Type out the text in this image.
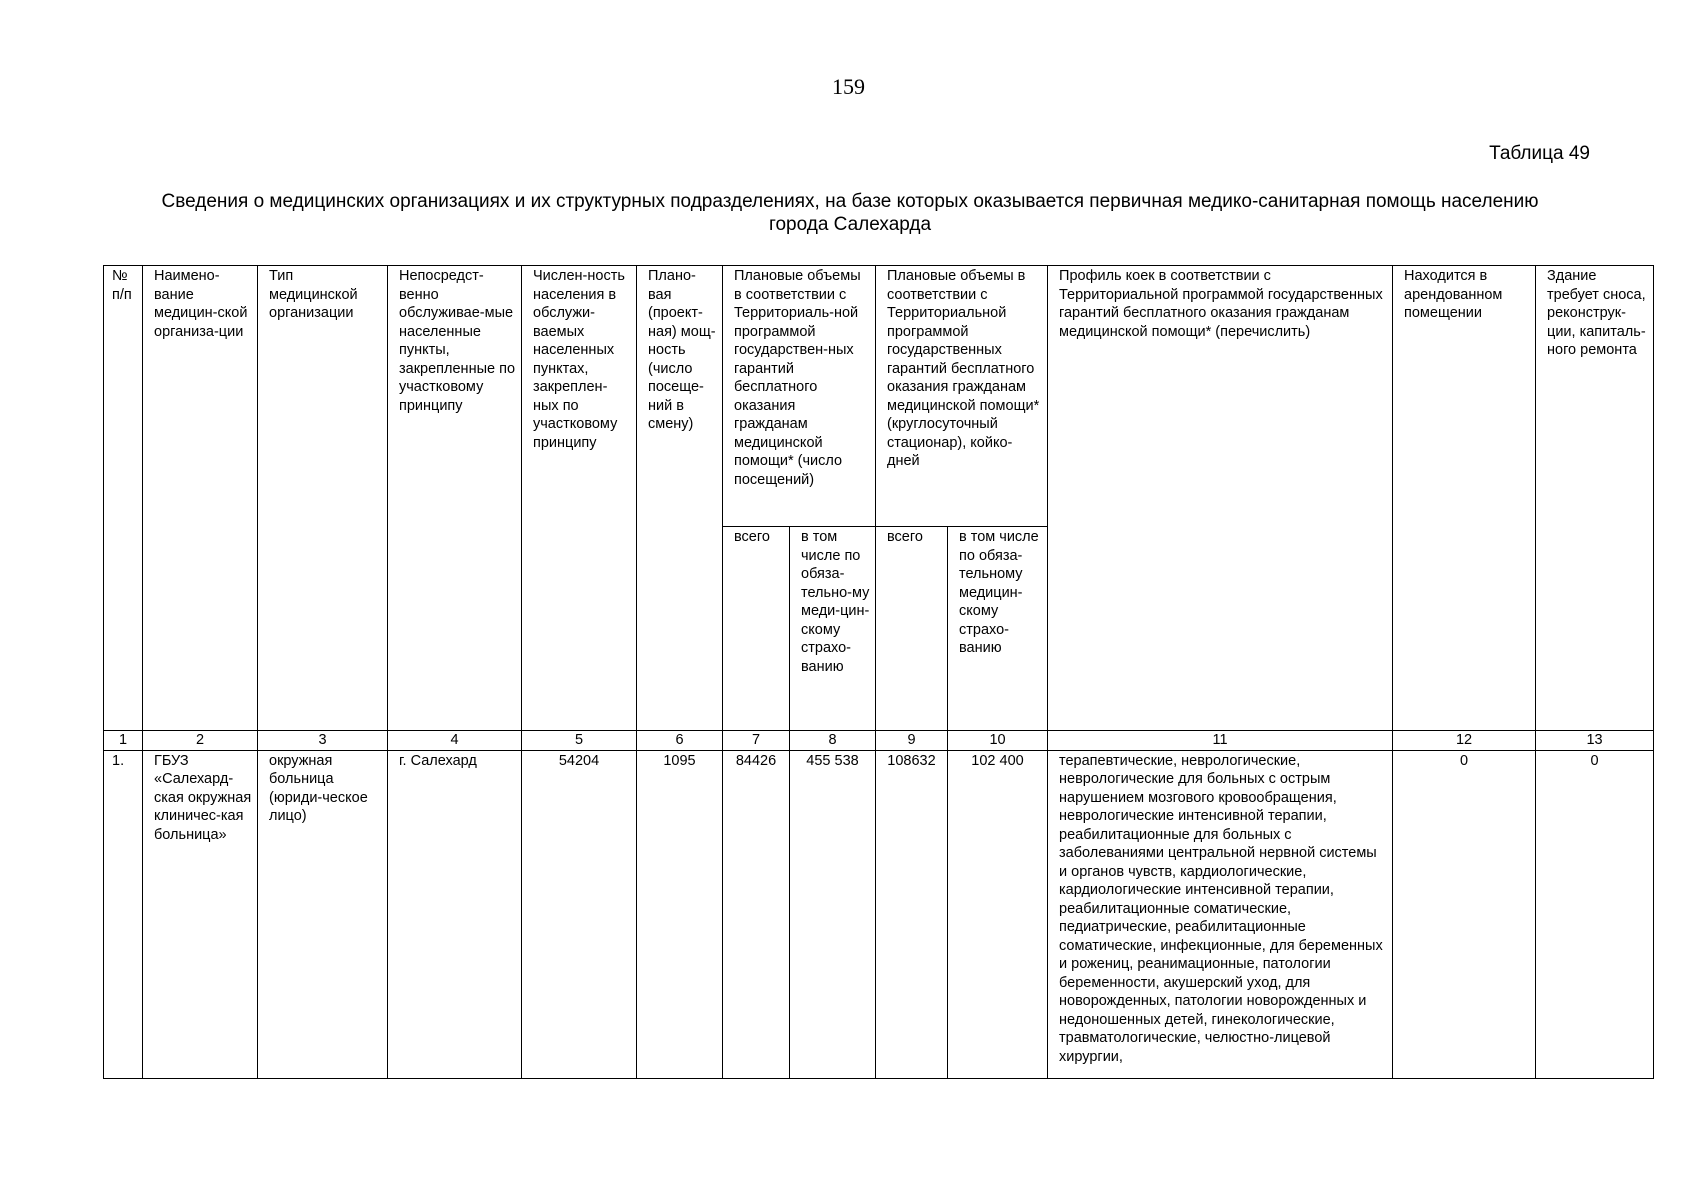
159
Таблица 49
Сведения о медицинских организациях и их структурных подразделениях, на базе которых оказывается первичная медико-санитарная помощь населению
города Салехарда
№ п/п	Наимено-вание медицин-ской организа-ции	Тип медицинской организации	Непосредст-венно обслуживае-мые населенные пункты, закрепленные по участковому принципу	Числен-ность населения в обслужи-ваемых населенных пунктах, закреплен-ных по участковому принципу	Плано-вая (проект-ная) мощ-ность (число посеще-ний в смену)	Плановые объемы в соответствии с Территориаль-ной программой государствен-ных гарантий бесплатного оказания гражданам медицинской помощи* (число посещений)		Плановые объемы в соответствии с Территориальной программой государственных гарантий бесплатного оказания гражданам медицинской помощи* (круглосуточный стационар), койко-дней		Профиль коек в соответствии с Территориальной программой государственных гарантий бесплатного оказания гражданам медицинской помощи* (перечислить)	Находится в арендованном помещении	Здание требует сноса, реконструк-ции, капиталь-ного ремонта
						всего	в том числе по обяза-тельно-му меди-цин-скому страхо-ванию	всего	в том числе по обяза-тельному медицин-скому страхо-ванию			
1	2	3	4	5	6	7	8	9	10	11	12	13
1.	ГБУЗ «Салехард-ская окружная клиничес-кая больница»	окружная больница (юриди-ческое лицо)	г. Салехард	54204	1095	84426	455 538	108632	102 400	терапевтические, неврологические, неврологические для больных с острым нарушением мозгового кровообращения, неврологические интенсивной терапии, реабилитационные для больных с заболеваниями центральной нервной системы и органов чувств, кардиологические, кардиологические интенсивной терапии, реабилитационные соматические, педиатрические, реабилитационные соматические, инфекционные, для беременных и рожениц, реанимационные, патологии беременности, акушерский уход, для новорожденных, патологии новорожденных и недоношенных детей, гинекологические, травматологические, челюстно-лицевой хирургии,	0	0
